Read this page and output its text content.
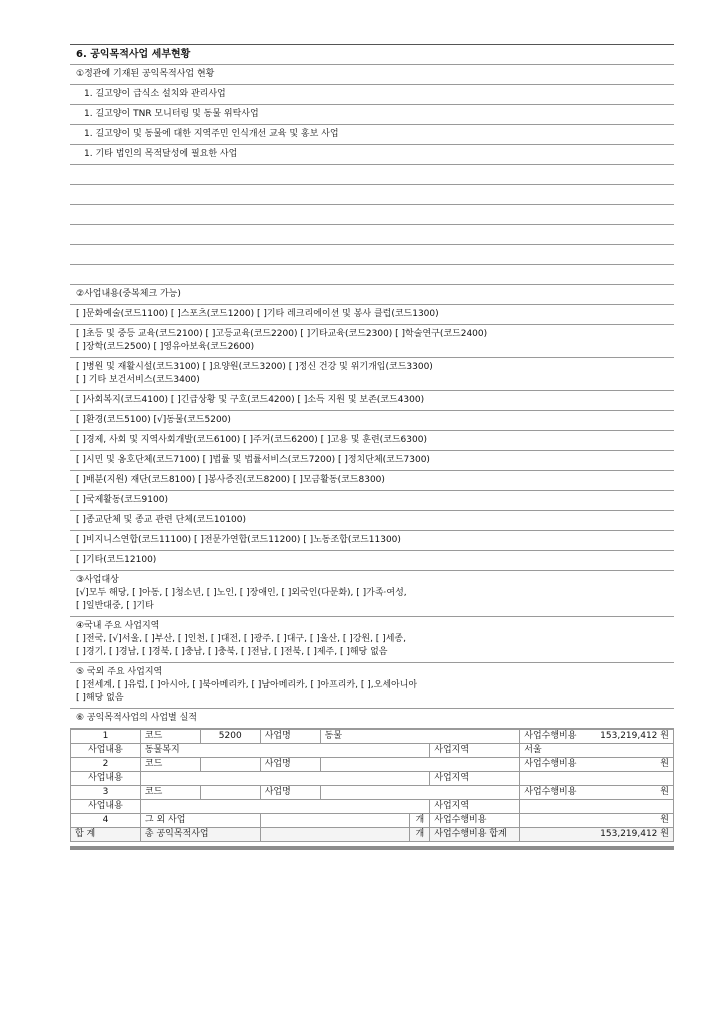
6. 공익목적사업 세부현황
①정관에 기재된 공익목적사업 현황
1. 길고양이 급식소 설치와 관리사업
1. 길고양이 TNR 모니터링 및 동물 위탁사업
1. 길고양이 및 동물에 대한 지역주민 인식개선 교육 및 홍보 사업
1. 기타 법인의 목적달성에 필요한 사업
②사업내용(중복체크 가능)
[ ]문화예술(코드1100) [ ]스포츠(코드1200) [ ]기타 레크리에이션 및 봉사 클럽(코드1300)
[ ]초등 및 중등 교육(코드2100) [ ]고등교육(코드2200) [ ]기타교육(코드2300) [ ]학술연구(코드2400)
[ ]장학(코드2500) [ ]영유아보육(코드2600)
[ ]병원 및 재활시설(코드3100) [ ]요양원(코드3200) [ ]정신 건강 및 위기개입(코드3300)
[ ] 기타 보건서비스(코드3400)
[ ]사회복지(코드4100) [ ]긴급상황 및 구호(코드4200) [ ]소득 지원 및 보존(코드4300)
[ ]환경(코드5100) [√]동물(코드5200)
[ ]경제, 사회 및 지역사회개발(코드6100) [ ]주거(코드6200) [ ]고용 및 훈련(코드6300)
[ ]시민 및 옹호단체(코드7100) [ ]법률 및 법률서비스(코드7200) [ ]정치단체(코드7300)
[ ]배분(지원) 재단(코드8100) [ ]봉사증진(코드8200) [ ]모금활동(코드8300)
[ ]국제활동(코드9100)
[ ]종교단체 및 종교 관련 단체(코드10100)
[ ]비지니스연합(코드11100) [ ]전문가연합(코드11200) [ ]노동조합(코드11300)
[ ]기타(코드12100)
③사업대상
[√]모두 해당, [ ]아동, [ ]청소년, [ ]노인, [ ]장애인, [ ]외국인(다문화), [ ]가족·여성,
[ ]일반대중, [ ]기타
④국내 주요 사업지역
[ ]전국, [√]서울, [ ]부산, [ ]인천, [ ]대전, [ ]광주, [ ]대구, [ ]울산, [ ]강원, [ ]세종,
[ ]경기, [ ]경남, [ ]경북, [ ]충남, [ ]충북, [ ]전남, [ ]전북, [ ]제주, [ ]해당 없음
⑤ 국외 주요 사업지역
[ ]전세계, [ ]유럽, [ ]아시아, [ ]북아메리카, [ ]남아메리카, [ ]아프리카, [ ],오세아니아
[ ]해당 없음
⑥ 공익목적사업의 사업별 실적
1	코드	5200	사업명	동물			사업수행비용 153,219,412 원
사업내용	동물복지					사업지역	서울
2	코드		사업명				사업수행비용 원
사업내용						사업지역	
3	코드		사업명				사업수행비용 원
사업내용						사업지역	
4	그 외 사업				개	사업수행비용	원
합 계	총 공익목적사업				개	사업수행비용 합계	153,219,412 원
